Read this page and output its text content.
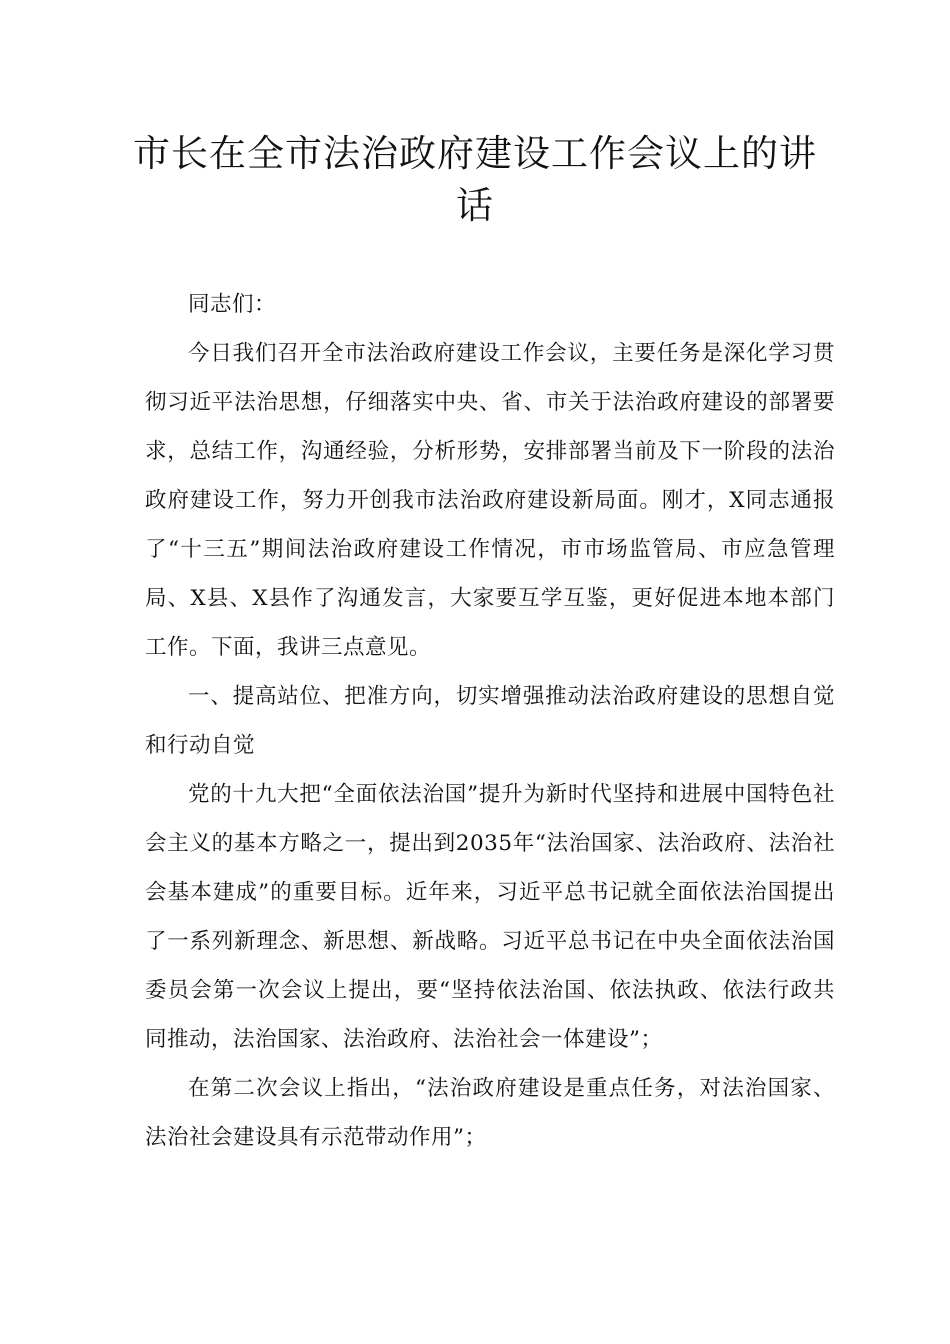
市长在全市法治政府建设工作会议上的讲话

同志们：

今日我们召开全市法治政府建设工作会议，主要任务是深化学习贯彻习近平法治思想，仔细落实中央、省、市关于法治政府建设的部署要求，总结工作，沟通经验，分析形势，安排部署当前及下一阶段的法治政府建设工作，努力开创我市法治政府建设新局面。刚才，X同志通报了“十三五”期间法治政府建设工作情况，市市场监管局、市应急管理局、X县、X县作了沟通发言，大家要互学互鉴，更好促进本地本部门工作。下面，我讲三点意见。

一、提高站位、把准方向，切实增强推动法治政府建设的思想自觉和行动自觉

党的十九大把“全面依法治国”提升为新时代坚持和进展中国特色社会主义的基本方略之一，提出到2035年“法治国家、法治政府、法治社会基本建成”的重要目标。近年来，习近平总书记就全面依法治国提出了一系列新理念、新思想、新战略。习近平总书记在中央全面依法治国委员会第一次会议上提出，要“坚持依法治国、依法执政、依法行政共同推动，法治国家、法治政府、法治社会一体建设”；

在第二次会议上指出，“法治政府建设是重点任务，对法治国家、法治社会建设具有示范带动作用”；
